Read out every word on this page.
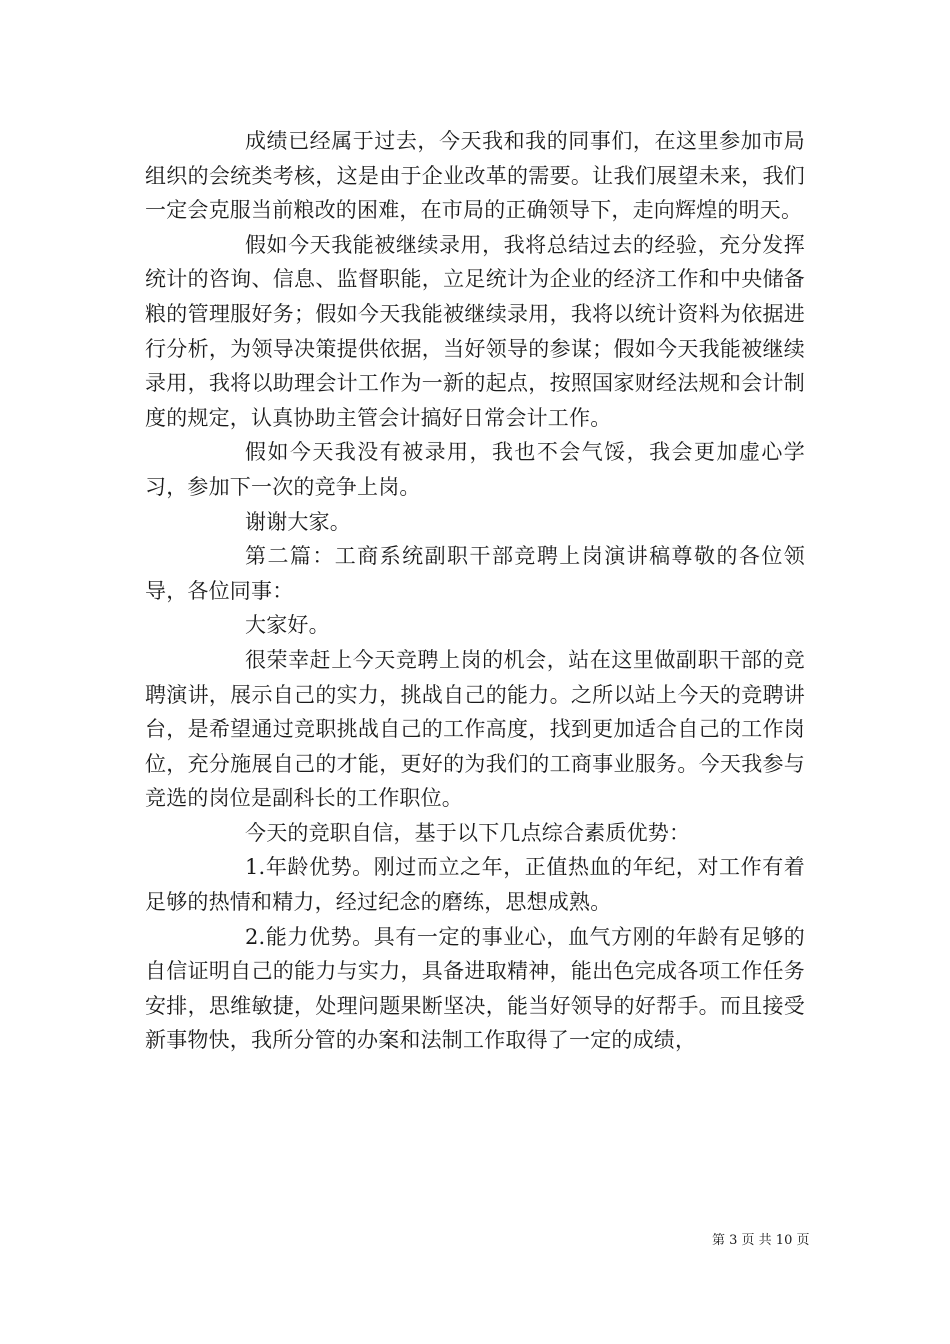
成绩已经属于过去，今天我和我的同事们，在这里参加市局组织的会统类考核，这是由于企业改革的需要。让我们展望未来，我们一定会克服当前粮改的困难，在市局的正确领导下，走向辉煌的明天。

假如今天我能被继续录用，我将总结过去的经验，充分发挥统计的咨询、信息、监督职能，立足统计为企业的经济工作和中央储备粮的管理服好务；假如今天我能被继续录用，我将以统计资料为依据进行分析，为领导决策提供依据，当好领导的参谋；假如今天我能被继续录用，我将以助理会计工作为一新的起点，按照国家财经法规和会计制度的规定，认真协助主管会计搞好日常会计工作。

假如今天我没有被录用，我也不会气馁，我会更加虚心学习，参加下一次的竞争上岗。

谢谢大家。

第二篇：工商系统副职干部竞聘上岗演讲稿尊敬的各位领导，各位同事：

大家好。

很荣幸赶上今天竞聘上岗的机会，站在这里做副职干部的竞聘演讲，展示自己的实力，挑战自己的能力。之所以站上今天的竞聘讲台，是希望通过竞职挑战自己的工作高度，找到更加适合自己的工作岗位，充分施展自己的才能，更好的为我们的工商事业服务。今天我参与竞选的岗位是副科长的工作职位。

今天的竞职自信，基于以下几点综合素质优势：

1.年龄优势。刚过而立之年，正值热血的年纪，对工作有着足够的热情和精力，经过纪念的磨练，思想成熟。

2.能力优势。具有一定的事业心，血气方刚的年龄有足够的自信证明自己的能力与实力，具备进取精神，能出色完成各项工作任务安排，思维敏捷，处理问题果断坚决，能当好领导的好帮手。而且接受新事物快，我所分管的办案和法制工作取得了一定的成绩，

第 3 页 共 10 页
